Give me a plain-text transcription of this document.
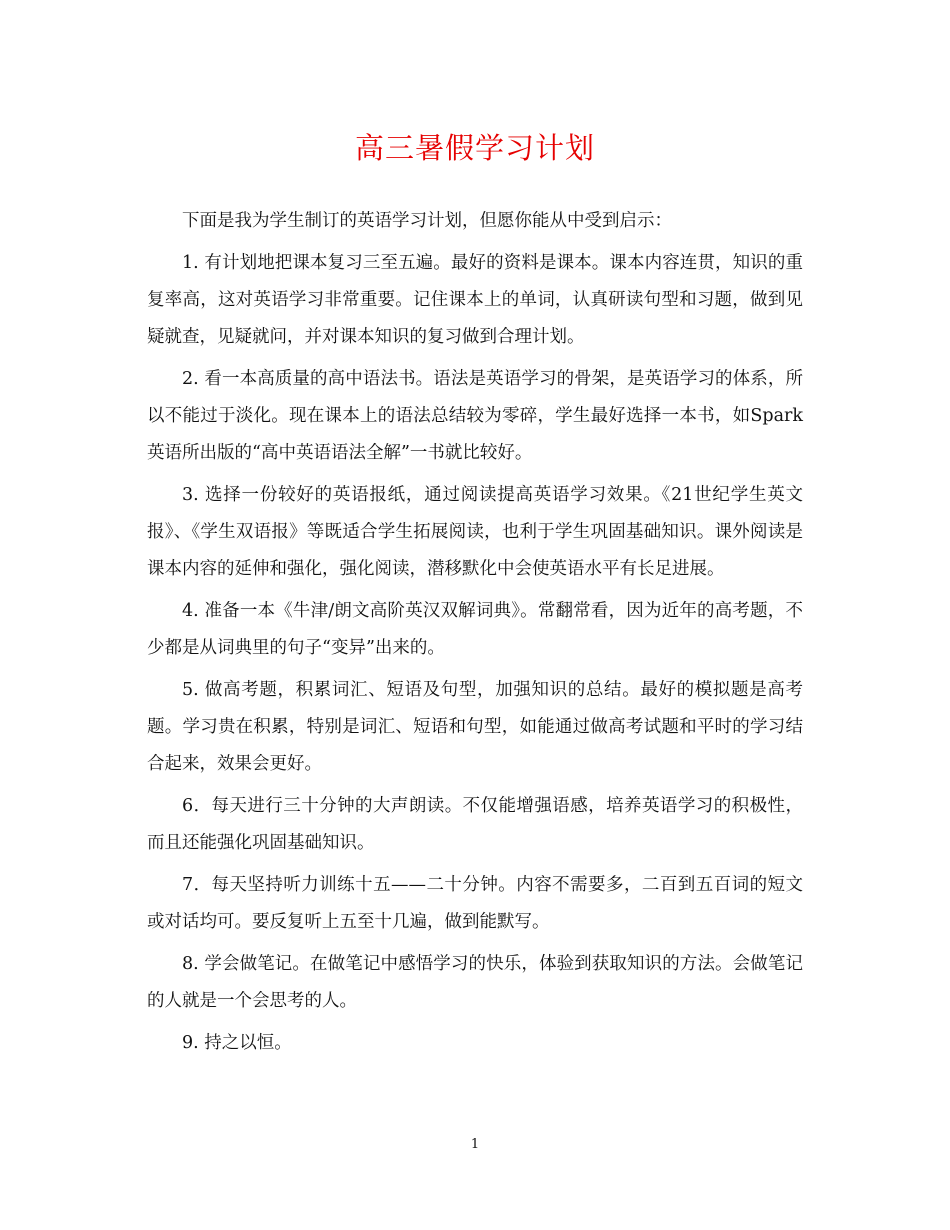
高三暑假学习计划

下面是我为学生制订的英语学习计划，但愿你能从中受到启示：

1. 有计划地把课本复习三至五遍。最好的资料是课本。课本内容连贯，知识的重复率高，这对英语学习非常重要。记住课本上的单词，认真研读句型和习题，做到见疑就查，见疑就问，并对课本知识的复习做到合理计划。

2. 看一本高质量的高中语法书。语法是英语学习的骨架，是英语学习的体系，所以不能过于淡化。现在课本上的语法总结较为零碎，学生最好选择一本书，如Spark英语所出版的“高中英语语法全解”一书就比较好。

3. 选择一份较好的英语报纸，通过阅读提高英语学习效果。《21世纪学生英文报》、《学生双语报》等既适合学生拓展阅读，也利于学生巩固基础知识。课外阅读是课本内容的延伸和强化，强化阅读，潜移默化中会使英语水平有长足进展。

4. 准备一本《牛津/朗文高阶英汉双解词典》。常翻常看，因为近年的高考题，不少都是从词典里的句子“变异”出来的。

5. 做高考题，积累词汇、短语及句型，加强知识的总结。最好的模拟题是高考题。学习贵在积累，特别是词汇、短语和句型，如能通过做高考试题和平时的学习结合起来，效果会更好。

6．每天进行三十分钟的大声朗读。不仅能增强语感，培养英语学习的积极性，而且还能强化巩固基础知识。

7．每天坚持听力训练十五——二十分钟。内容不需要多，二百到五百词的短文或对话均可。要反复听上五至十几遍，做到能默写。

8. 学会做笔记。在做笔记中感悟学习的快乐，体验到获取知识的方法。会做笔记的人就是一个会思考的人。

9. 持之以恒。

1
